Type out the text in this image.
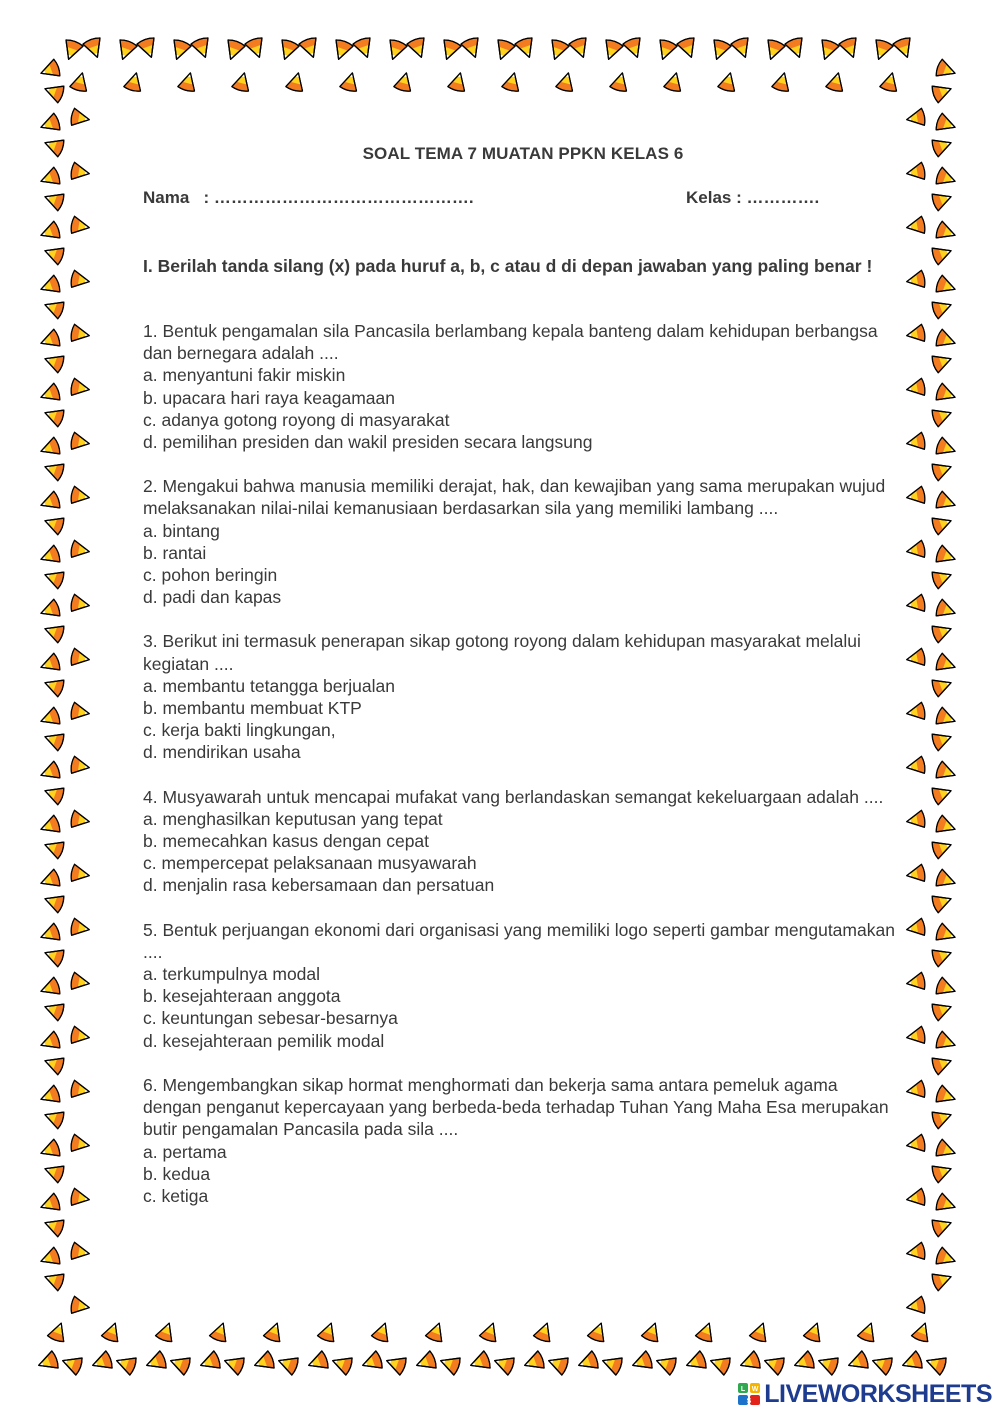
SOAL TEMA 7 MUATAN PPKN KELAS 6
Nama : ……………………………………….	Kelas : ………….
I. Berilah tanda silang (x) pada huruf a, b, c atau d di depan jawaban yang paling benar !
1. Bentuk pengamalan sila Pancasila berlambang kepala banteng dalam kehidupan berbangsa dan bernegara adalah ....
a. menyantuni fakir miskin
b. upacara hari raya keagamaan
c. adanya gotong royong di masyarakat
d. pemilihan presiden dan wakil presiden secara langsung
2. Mengakui bahwa manusia memiliki derajat, hak, dan kewajiban yang sama merupakan wujud melaksanakan nilai-nilai kemanusiaan berdasarkan sila yang memiliki lambang ....
a. bintang
b. rantai
c. pohon beringin
d. padi dan kapas
3. Berikut ini termasuk penerapan sikap gotong royong dalam kehidupan masyarakat melalui kegiatan ....
a. membantu tetangga berjualan
b. membantu membuat KTP
c. kerja bakti lingkungan,
d. mendirikan usaha
4. Musyawarah untuk mencapai mufakat vang berlandaskan semangat kekeluargaan adalah ....
a. menghasilkan keputusan yang tepat
b. memecahkan kasus dengan cepat
c. mempercepat pelaksanaan musyawarah
d. menjalin rasa kebersamaan dan persatuan
5. Bentuk perjuangan ekonomi dari organisasi yang memiliki logo seperti gambar mengutamakan ....
a. terkumpulnya modal
b. kesejahteraan anggota
c. keuntungan sebesar-besarnya
d. kesejahteraan pemilik modal
6. Mengembangkan sikap hormat menghormati dan bekerja sama antara pemeluk agama dengan penganut kepercayaan yang berbeda-beda terhadap Tuhan Yang Maha Esa merupakan butir pengamalan Pancasila pada sila ....
a. pertama
b. kedua
c. ketiga
L W
S LIVEWORKSHEETS
